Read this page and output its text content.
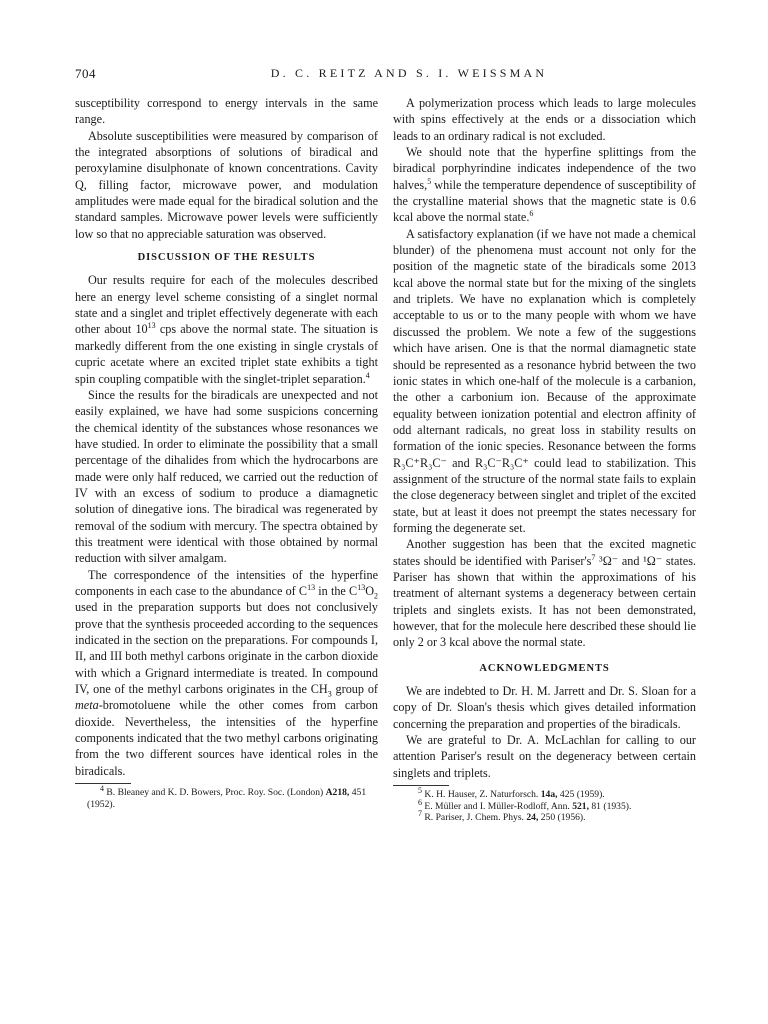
704	D. C. REITZ AND S. I. WEISSMAN

susceptibility correspond to energy intervals in the same range.

Absolute susceptibilities were measured by comparison of the integrated absorptions of solutions of biradical and peroxylamine disulphonate of known concentrations. Cavity Q, filling factor, microwave power, and modulation amplitudes were made equal for the biradical solution and the standard samples. Microwave power levels were sufficiently low so that no appreciable saturation was observed.

DISCUSSION OF THE RESULTS

Our results require for each of the molecules described here an energy level scheme consisting of a singlet normal state and a singlet and triplet effectively degenerate with each other about $10^{13}$ cps above the normal state. The situation is markedly different from the one existing in single crystals of cupric acetate where an excited triplet state exhibits a tight spin coupling compatible with the singlet-triplet separation.$^4$

Since the results for the biradicals are unexpected and not easily explained, we have had some suspicions concerning the chemical identity of the substances whose resonances we have studied. In order to eliminate the possibility that a small percentage of the dihalides from which the hydrocarbons are made were only half reduced, we carried out the reduction of IV with an excess of sodium to produce a diamagnetic solution of dinegative ions. The biradical was regenerated by removal of the sodium with mercury. The spectra obtained by this treatment were identical with those obtained by normal reduction with silver amalgam.

The correspondence of the intensities of the hyperfine components in each case to the abundance of $C^{13}$ in the $C^{13}O_2$ used in the preparation supports but does not conclusively prove that the synthesis proceeded according to the sequences indicated in the section on the preparations. For compounds I, II, and III both methyl carbons originate in the carbon dioxide with which a Grignard intermediate is treated. In compound IV, one of the methyl carbons originates in the $CH_3$ group of meta-bromotoluene while the other comes from carbon dioxide. Nevertheless, the intensities of the hyperfine components indicated that the two methyl carbons originating from the two different sources have identical roles in the biradicals.

$^4$ B. Bleaney and K. D. Bowers, Proc. Roy. Soc. (London) A218, 451 (1952).

A polymerization process which leads to large molecules with spins effectively at the ends or a dissociation which leads to an ordinary radical is not excluded.

We should note that the hyperfine splittings from the biradical porphyrindine indicates independence of the two halves,$^5$ while the temperature dependence of susceptibility of the crystalline material shows that the magnetic state is 0.6 kcal above the normal state.$^6$

A satisfactory explanation (if we have not made a chemical blunder) of the phenomena must account not only for the position of the magnetic state of the biradicals some 2013 kcal above the normal state but for the mixing of the singlets and triplets. We have no explanation which is completely acceptable to us or to the many people with whom we have discussed the problem. We note a few of the suggestions which have arisen. One is that the normal diamagnetic state should be represented as a resonance hybrid between the two ionic states in which one-half of the molecule is a carbanion, the other a carbonium ion. Because of the approximate equality between ionization potential and electron affinity of odd alternant radicals, no great loss in stability results on formation of the ionic species. Resonance between the forms R₃C⁺R₃C⁻ and R₃C⁻R₃C⁺ could lead to stabilization. This assignment of the structure of the normal state fails to explain the close degeneracy between singlet and triplet of the excited state, but at least it does not preempt the states necessary for forming the degenerate set.

Another suggestion has been that the excited magnetic states should be identified with $Pariser's^7$ ³Ω⁻ and ¹Ω⁻ states. Pariser has shown that within the approximations of his treatment of alternant systems a degeneracy between certain triplets and singlets exists. It has not been demonstrated, however, that for the molecule here described these should lie only 2 or 3 kcal above the normal state.

ACKNOWLEDGMENTS

We are indebted to Dr. H. M. Jarrett and Dr. S. Sloan for a copy of Dr. Sloan's thesis which gives detailed information concerning the preparation and properties of the biradicals.

We are grateful to Dr. A. McLachlan for calling to our attention Pariser's result on the degeneracy between certain singlets and triplets.

$^5$ K. H. Hauser, Z. Naturforsch. 14a, 425 (1959).

$^6$ E. Müller and I. Müller-Rodloff, Ann. 521, 81 (1935).

$^7$ R. Pariser, J. Chem. Phys. 24, 250 (1956).
